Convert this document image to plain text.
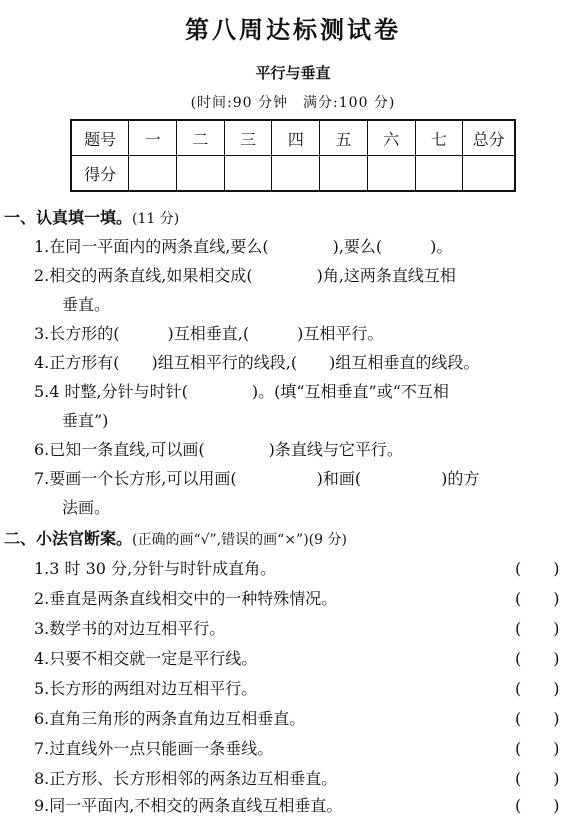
第八周达标测试卷
平行与垂直
(时间:90 分钟　满分:100 分)
题号	一	二	三	四	五	六	七	总分
得分								
一、认真填一填。(11 分)
1.在同一平面内的两条直线,要么(　　　　),要么(　　　)。
2.相交的两条直线,如果相交成(　　　　)角,这两条直线互相
垂直。
3.长方形的(　　　)互相垂直,(　　　)互相平行。
4.正方形有(　　)组互相平行的线段,(　　)组互相垂直的线段。
5.4 时整,分针与时针(　　　　)。(填“互相垂直”或“不互相
垂直”)
6.已知一条直线,可以画(　　　　)条直线与它平行。
7.要画一个长方形,可以用画(　　　　　)和画(　　　　　)的方
法画。
二、小法官断案。(正确的画“√”,错误的画“×”)(9 分)
1.3 时 30 分,分针与时针成直角。	(　　)
2.垂直是两条直线相交中的一种特殊情况。	(　　)
3.数学书的对边互相平行。	(　　)
4.只要不相交就一定是平行线。	(　　)
5.长方形的两组对边互相平行。	(　　)
6.直角三角形的两条直角边互相垂直。	(　　)
7.过直线外一点只能画一条垂线。	(　　)
8.正方形、长方形相邻的两条边互相垂直。	(　　)
9.同一平面内,不相交的两条直线互相垂直。	(　　)
